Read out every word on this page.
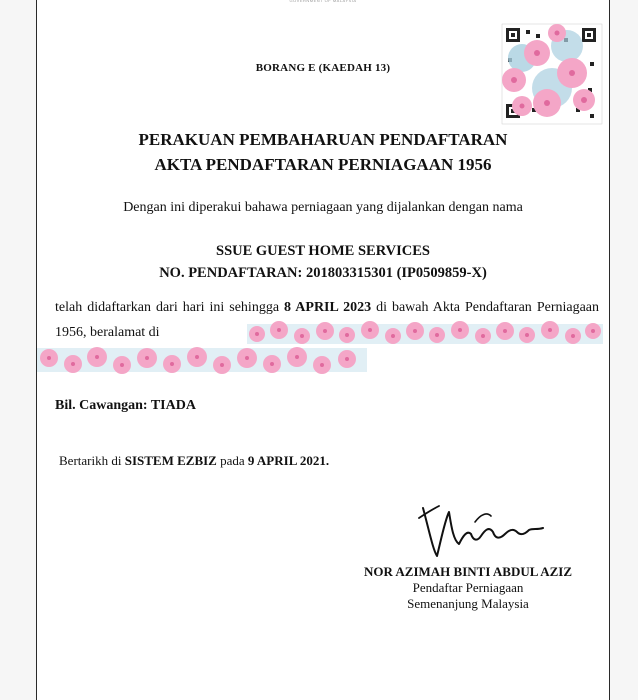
GOVERNMENT OF MALAYSIA
BORANG E (KAEDAH 13)
PERAKUAN PEMBAHARUAN PENDAFTARAN
AKTA PENDAFTARAN PERNIAGAAN 1956
Dengan ini diperakui bahawa perniagaan yang dijalankan dengan nama
SSUE GUEST HOME SERVICES
NO. PENDAFTARAN: 201803315301 (IP0509859-X)
telah didaftarkan dari hari ini sehingga 8 APRIL 2023 di bawah Akta Pendaftaran Perniagaan 1956, beralamat di
Bil. Cawangan: TIADA
Bertarikh di SISTEM EZBIZ pada 9 APRIL 2021.
NOR AZIMAH BINTI ABDUL AZIZ
Pendaftar Perniagaan
Semenanjung Malaysia
